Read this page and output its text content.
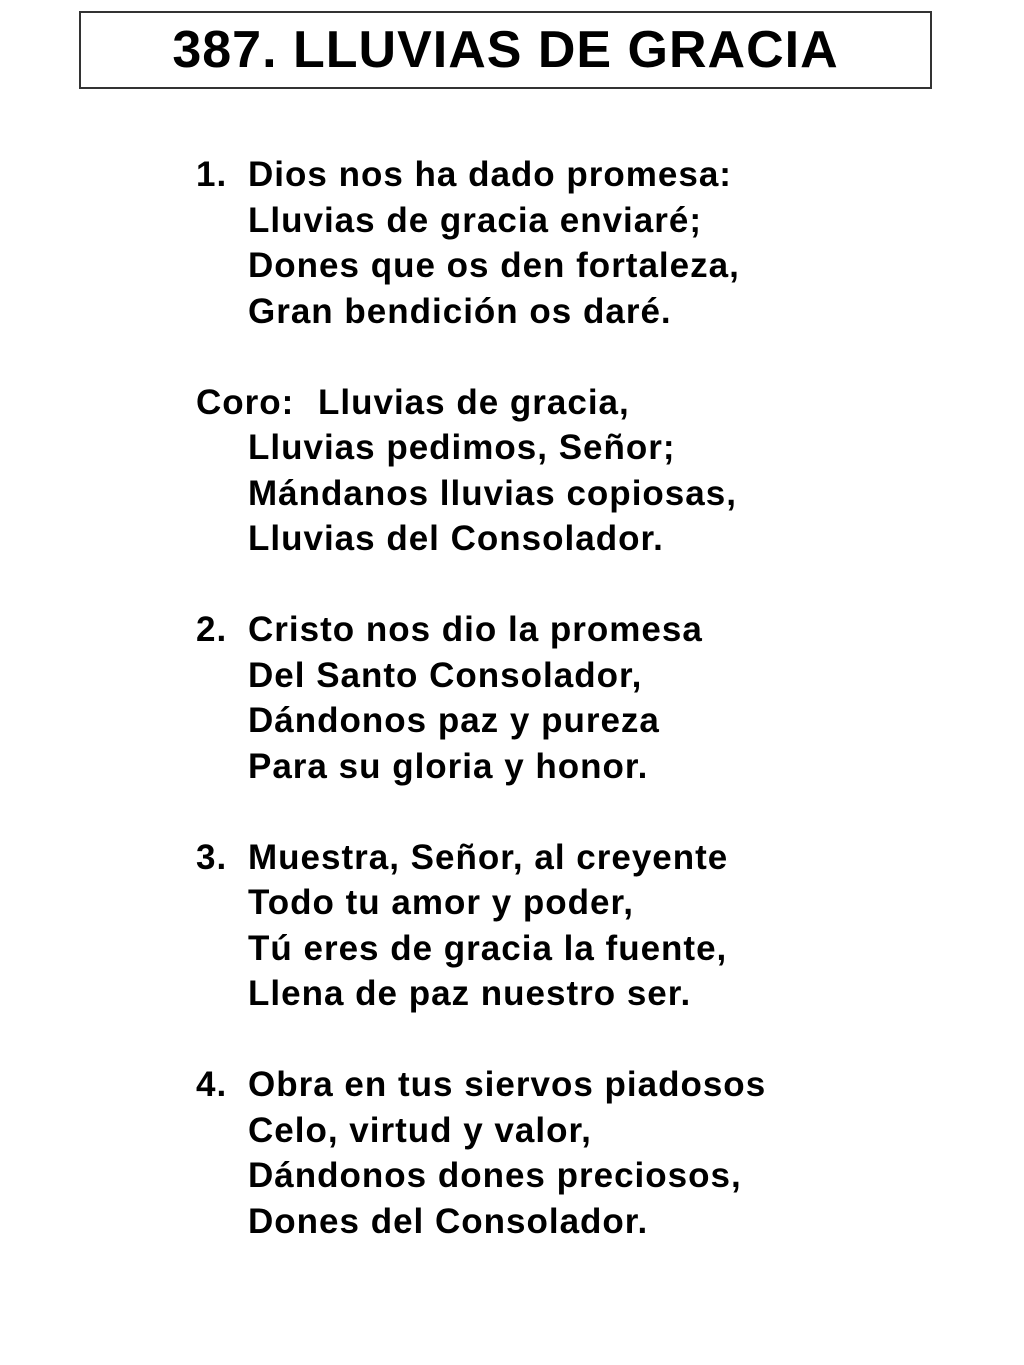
387. LLUVIAS DE GRACIA
1. Dios nos ha dado promesa:
Lluvias de gracia enviaré;
Dones que os den fortaleza,
Gran bendición os daré.
Coro: Lluvias de gracia,
Lluvias pedimos, Señor;
Mándanos lluvias copiosas,
Lluvias del Consolador.
2. Cristo nos dio la promesa
Del Santo Consolador,
Dándonos paz y pureza
Para su gloria y honor.
3. Muestra, Señor, al creyente
Todo tu amor y poder,
Tú eres de gracia la fuente,
Llena de paz nuestro ser.
4. Obra en tus siervos piadosos
Celo, virtud y valor,
Dándonos dones preciosos,
Dones del Consolador.
